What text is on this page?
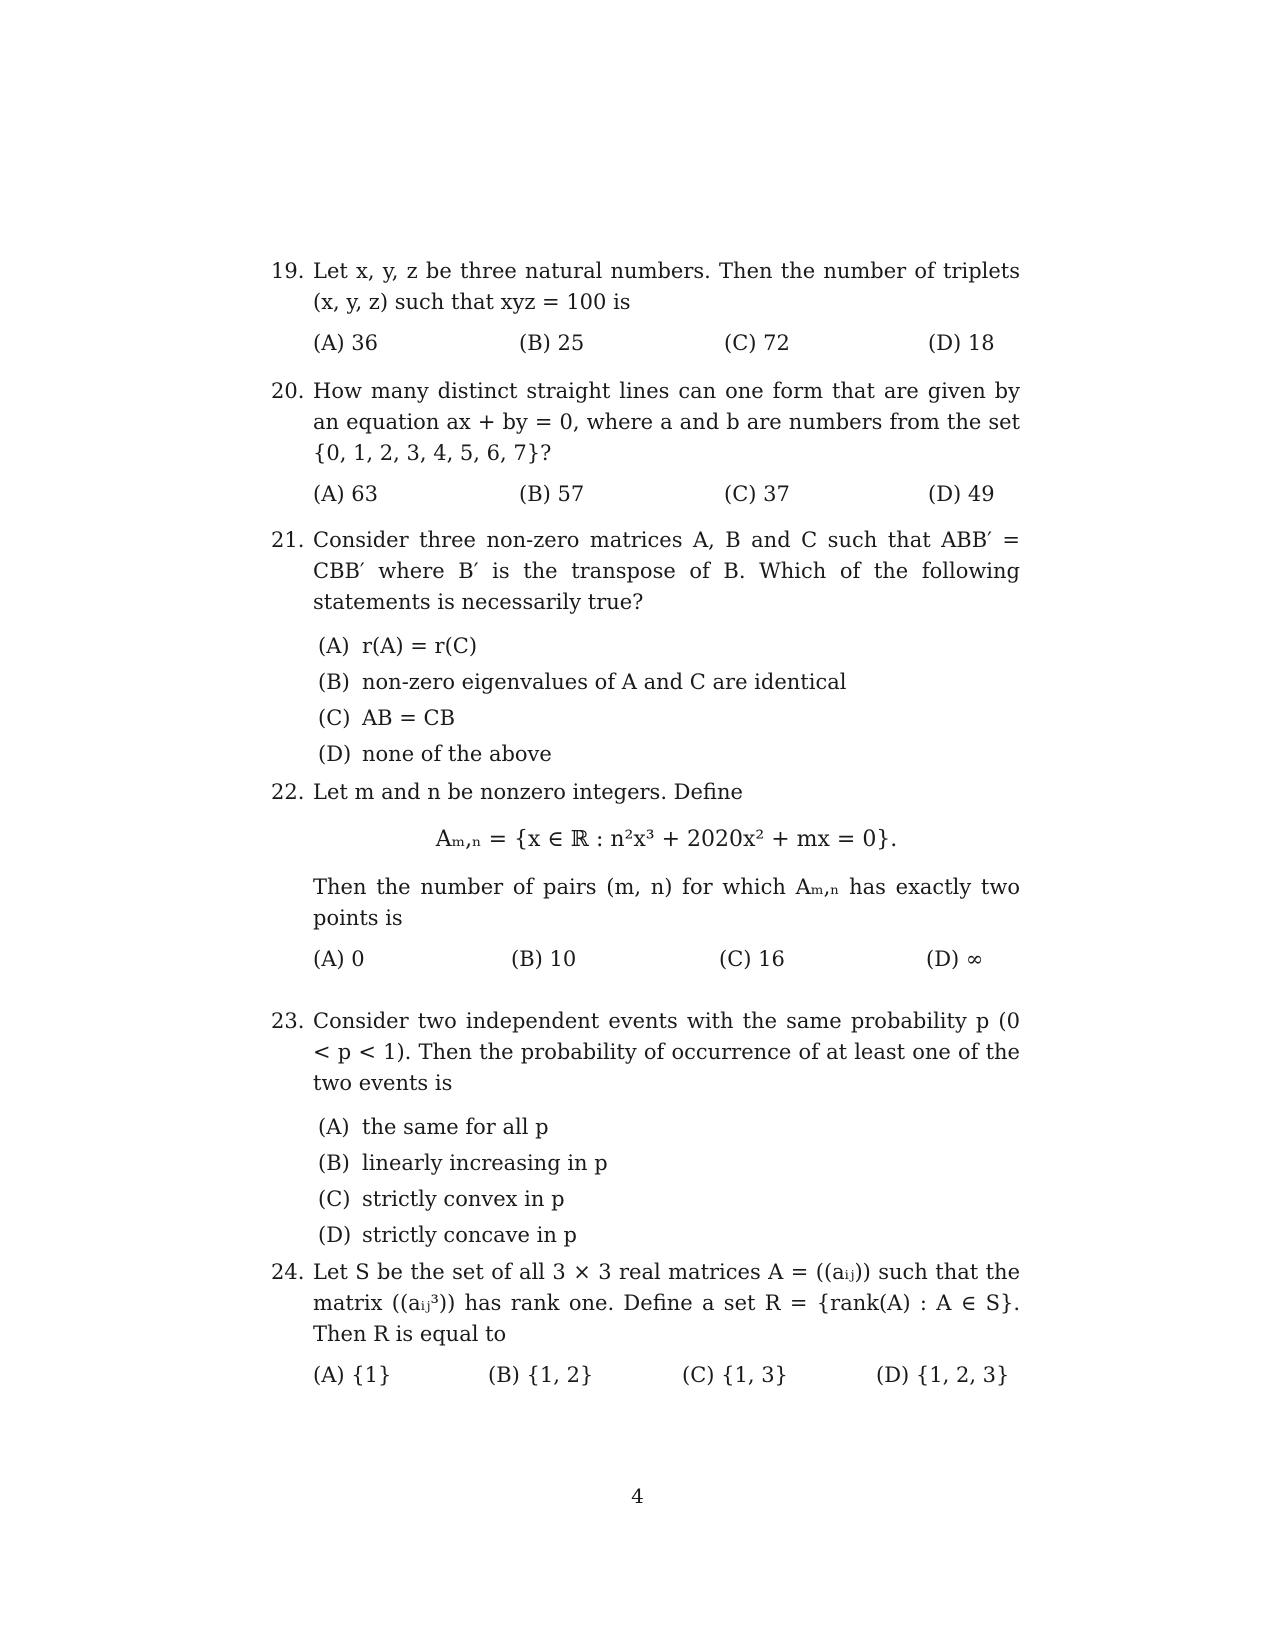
19. Let x, y, z be three natural numbers. Then the number of triplets (x, y, z) such that xyz = 100 is
(A) 36	(B) 25	(C) 72	(D) 18
20. How many distinct straight lines can one form that are given by an equation ax + by = 0, where a and b are numbers from the set {0, 1, 2, 3, 4, 5, 6, 7}?
(A) 63	(B) 57	(C) 37	(D) 49
21. Consider three non-zero matrices A, B and C such that ABB′ = CBB′ where B′ is the transpose of B. Which of the following statements is necessarily true?
(A) r(A) = r(C)
(B) non-zero eigenvalues of A and C are identical
(C) AB = CB
(D) none of the above
22. Let m and n be nonzero integers. Define
Aₘ,ₙ = {x ∈ ℝ : n²x³ + 2020x² + mx = 0}.
Then the number of pairs (m, n) for which Aₘ,ₙ has exactly two points is
(A) 0	(B) 10	(C) 16	(D) ∞
23. Consider two independent events with the same probability p (0 < p < 1). Then the probability of occurrence of at least one of the two events is
(A) the same for all p
(B) linearly increasing in p
(C) strictly convex in p
(D) strictly concave in p
24. Let S be the set of all 3 × 3 real matrices A = ((aᵢⱼ)) such that the matrix ((aᵢⱼ³)) has rank one. Define a set R = {rank(A) : A ∈ S}. Then R is equal to
(A) {1}	(B) {1, 2}	(C) {1, 3}	(D) {1, 2, 3}
4
